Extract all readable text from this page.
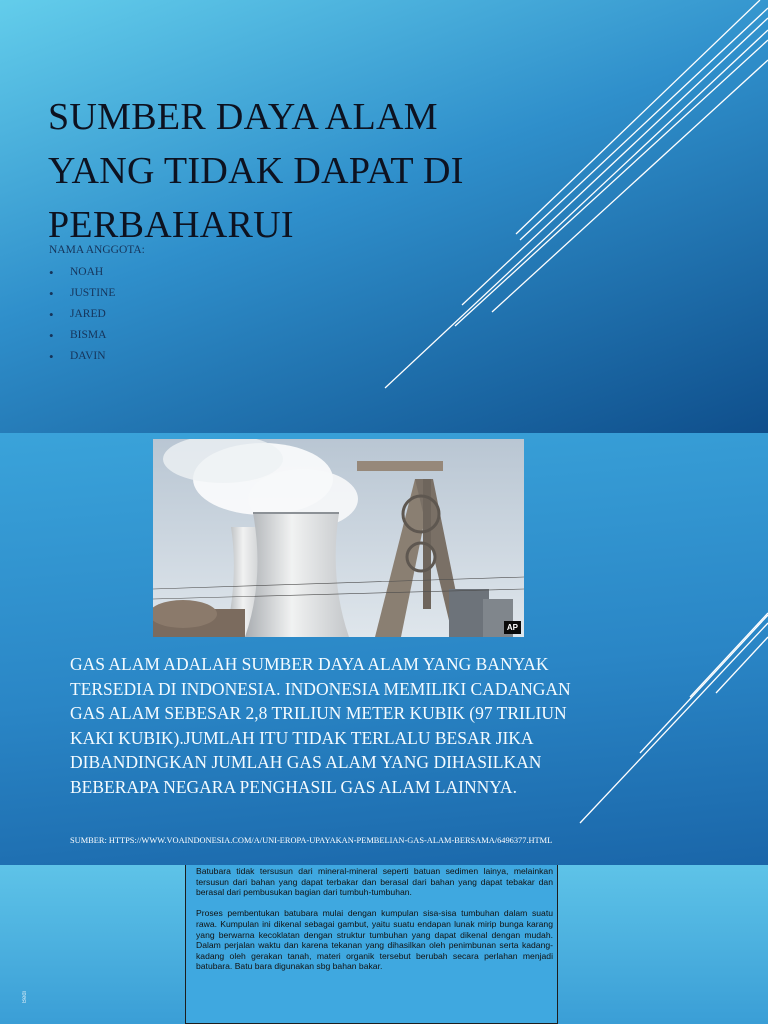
SUMBER DAYA ALAM
YANG TIDAK DAPAT DI
PERBAHARUI

NAMA ANGGOTA:

•	NOAH
•	JUSTINE
•	JARED
•	BISMA
•	DAVIN
AP

GAS ALAM ADALAH SUMBER DAYA ALAM YANG BANYAK TERSEDIA DI INDONESIA. INDONESIA MEMILIKI CADANGAN GAS ALAM SEBESAR 2,8 TRILIUN METER KUBIK (97 TRILIUN KAKI KUBIK).JUMLAH ITU TIDAK TERLALU BESAR JIKA DIBANDINGKAN JUMLAH GAS ALAM YANG DIHASILKAN BEBERAPA NEGARA PENGHASIL GAS ALAM LAINNYA.

SUMBER: HTTPS://WWW.VOAINDONESIA.COM/A/UNI-EROPA-UPAYAKAN-PEMBELIAN-GAS-ALAM-BERSAMA/6496377.HTML

Batubara tidak tersusun dari mineral-mineral seperti batuan sedimen lainya, melainkan tersusun dari bahan yang dapat terbakar dan berasal dari bahan yang dapat tebakar dan berasal dari pembusukan bagian dari tumbuh-tumbuhan.

Proses pembentukan batubara mulai dengan kumpulan sisa-sisa tumbuhan dalam suatu rawa. Kumpulan ini dikenal sebagai gambut, yaitu suatu endapan lunak mirip bunga karang yang berwarna kecoklatan dengan struktur tumbuhan yang dapat dikenal dengan mudah. Dalam perjalan waktu dan karena tekanan yang dihasilkan oleh penimbunan serta kadang-kadang oleh gerakan tanah, materi organik tersebut berubah secara perlahan menjadi batubara. Batu bara digunakan sbg bahan bakar.

Bedi
